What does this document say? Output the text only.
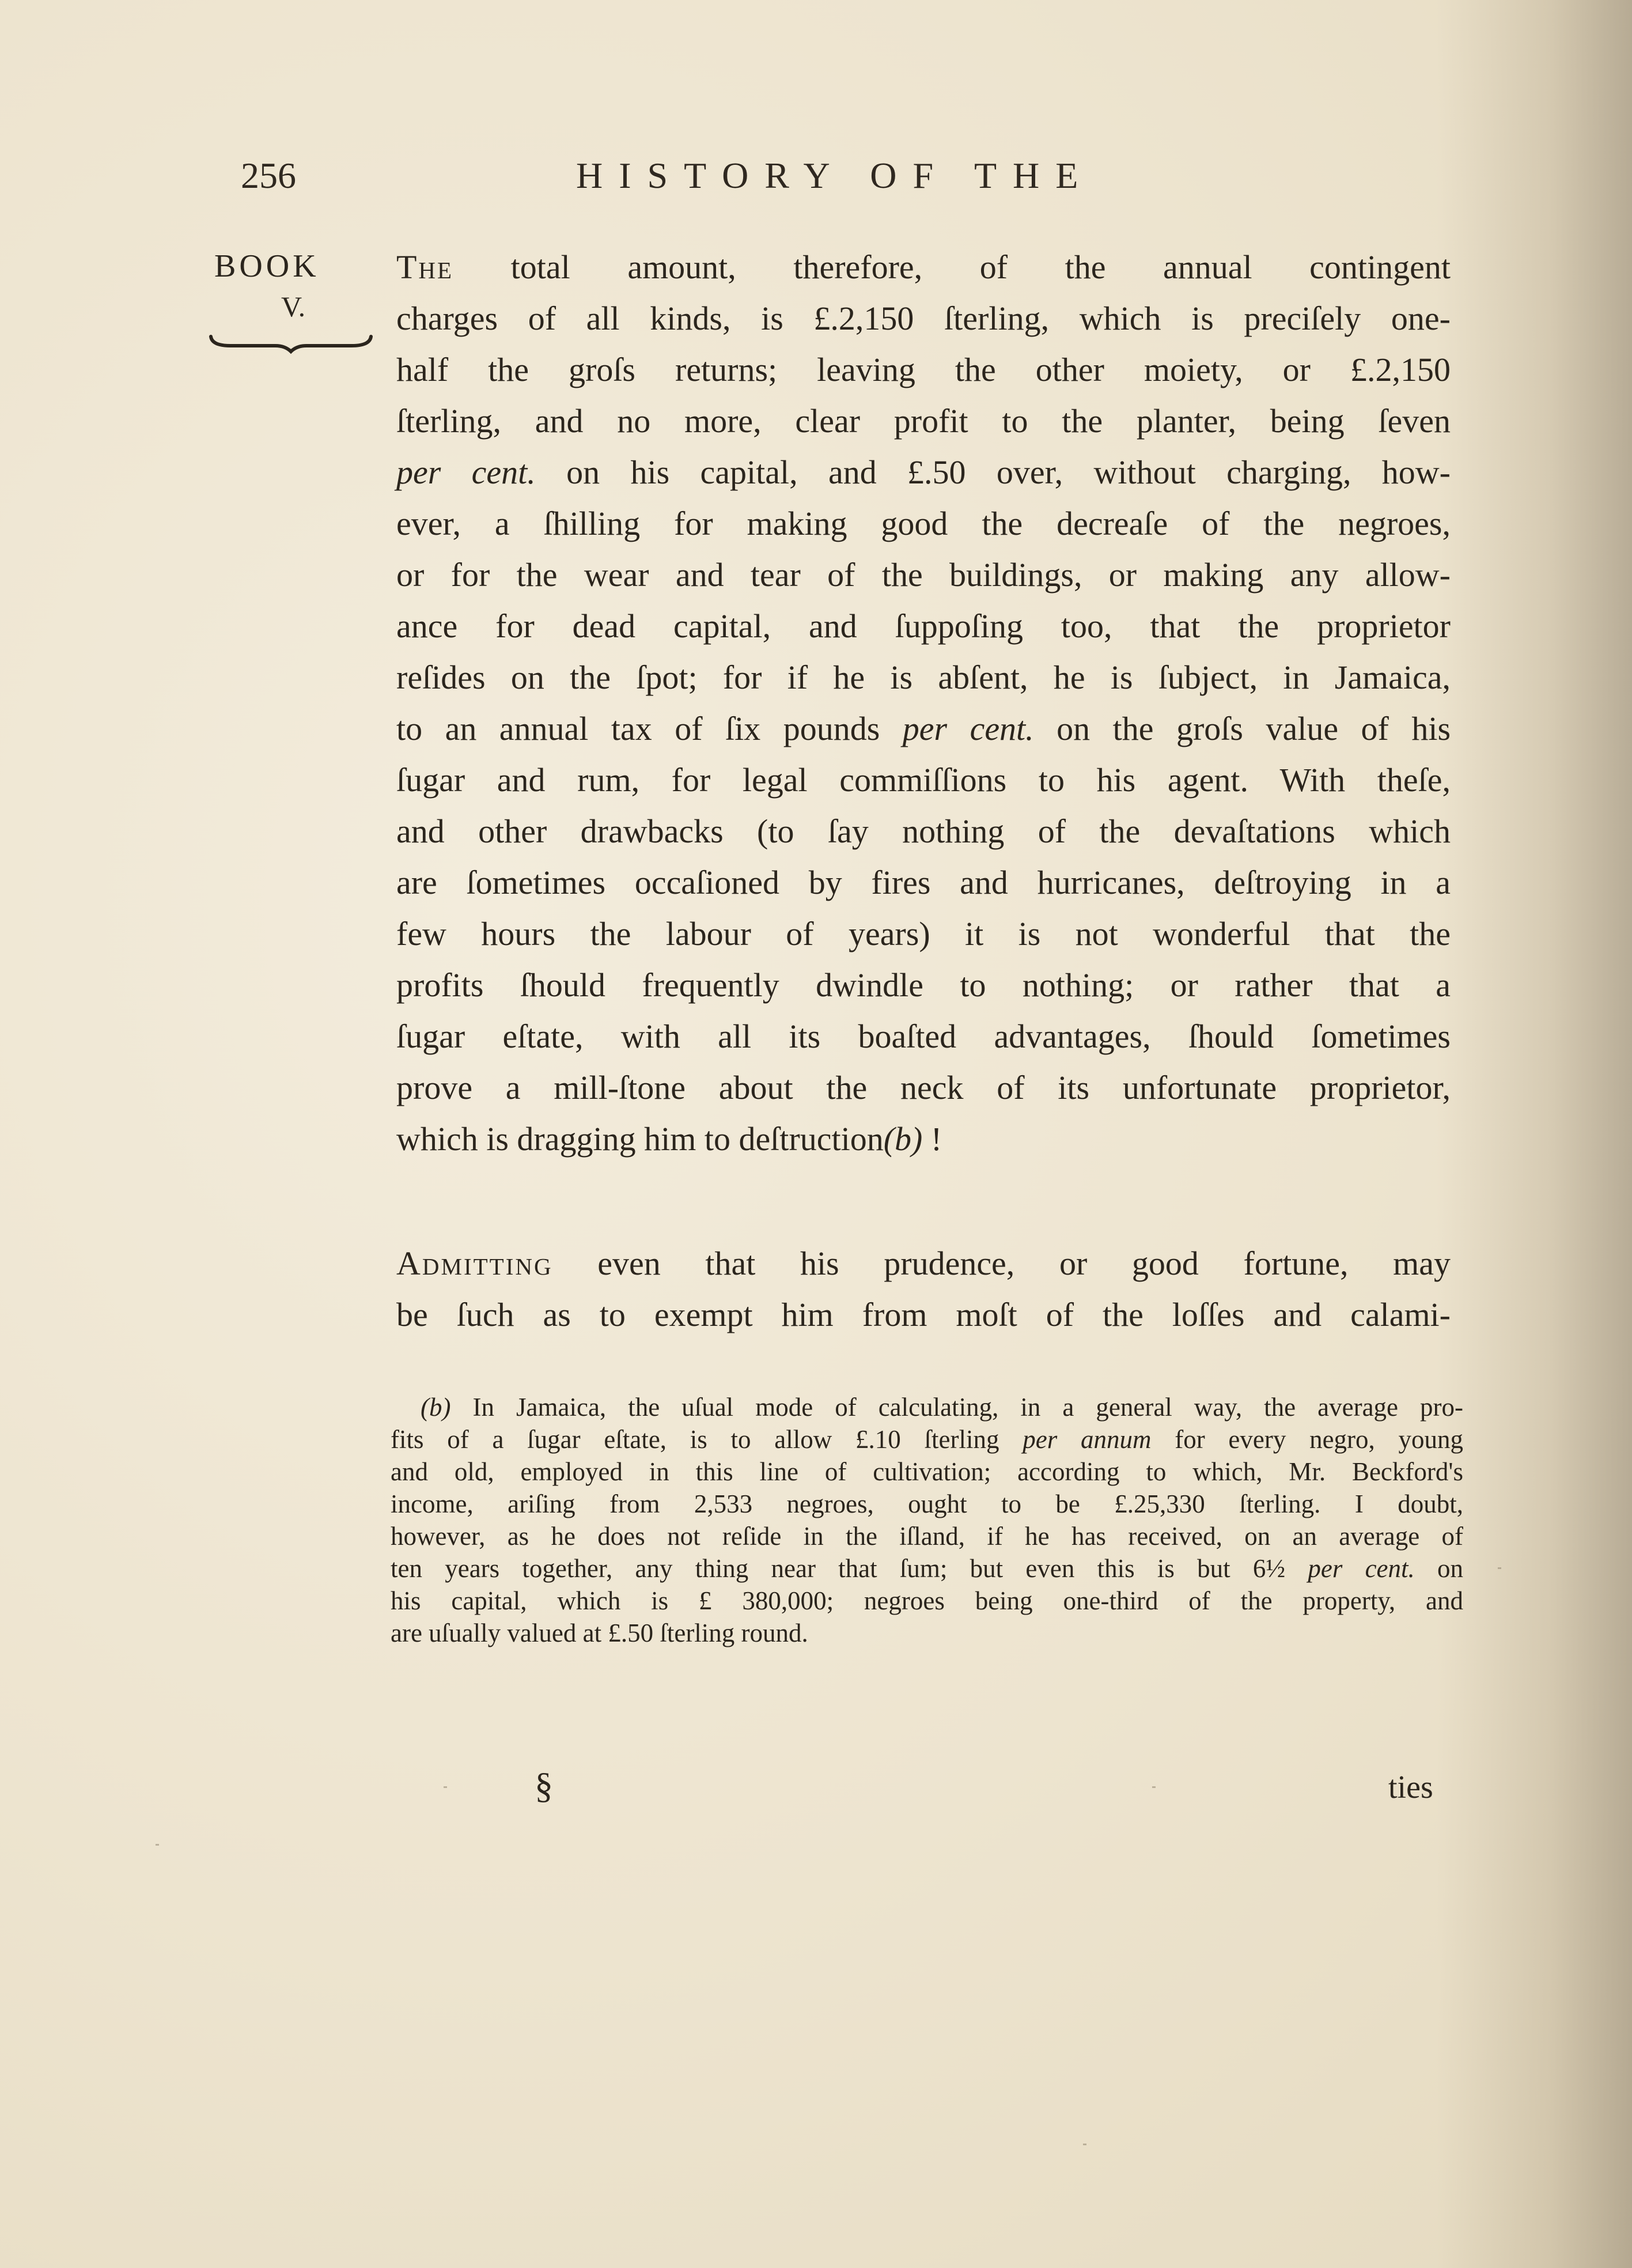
256	HISTORY OF THE
BOOK
V.
The total amount, therefore, of the annual contingent
charges of all kinds, is £.2,150 ſterling, which is preciſely one-
half the groſs returns; leaving the other moiety, or £.2,150
ſterling, and no more, clear profit to the planter, being ſeven
per cent. on his capital, and £.50 over, without charging, how-
ever, a ſhilling for making good the decreaſe of the negroes,
or for the wear and tear of the buildings, or making any allow-
ance for dead capital, and ſuppoſing too, that the proprietor
reſides on the ſpot; for if he is abſent, he is ſubject, in Jamaica,
to an annual tax of ſix pounds per cent. on the groſs value of his
ſugar and rum, for legal commiſſions to his agent. With theſe,
and other drawbacks (to ſay nothing of the devaſtations which
are ſometimes occaſioned by fires and hurricanes, deſtroying in a
few hours the labour of years) it is not wonderful that the
profits ſhould frequently dwindle to nothing; or rather that a
ſugar eſtate, with all its boaſted advantages, ſhould ſometimes
prove a mill-ſtone about the neck of its unfortunate proprietor,
which is dragging him to deſtruction(b) !
Admitting even that his prudence, or good fortune, may
be ſuch as to exempt him from moſt of the loſſes and calami-
(b) In Jamaica, the uſual mode of calculating, in a general way, the average pro-
fits of a ſugar eſtate, is to allow £.10 ſterling per annum for every negro, young
and old, employed in this line of cultivation; according to which, Mr. Beckford's
income, ariſing from 2,533 negroes, ought to be £.25,330 ſterling. I doubt,
however, as he does not reſide in the iſland, if he has received, on an average of
ten years together, any thing near that ſum; but even this is but 6½ per cent. on
his capital, which is £ 380,000; negroes being one-third of the property, and
are uſually valued at £.50 ſterling round.
§	ties
